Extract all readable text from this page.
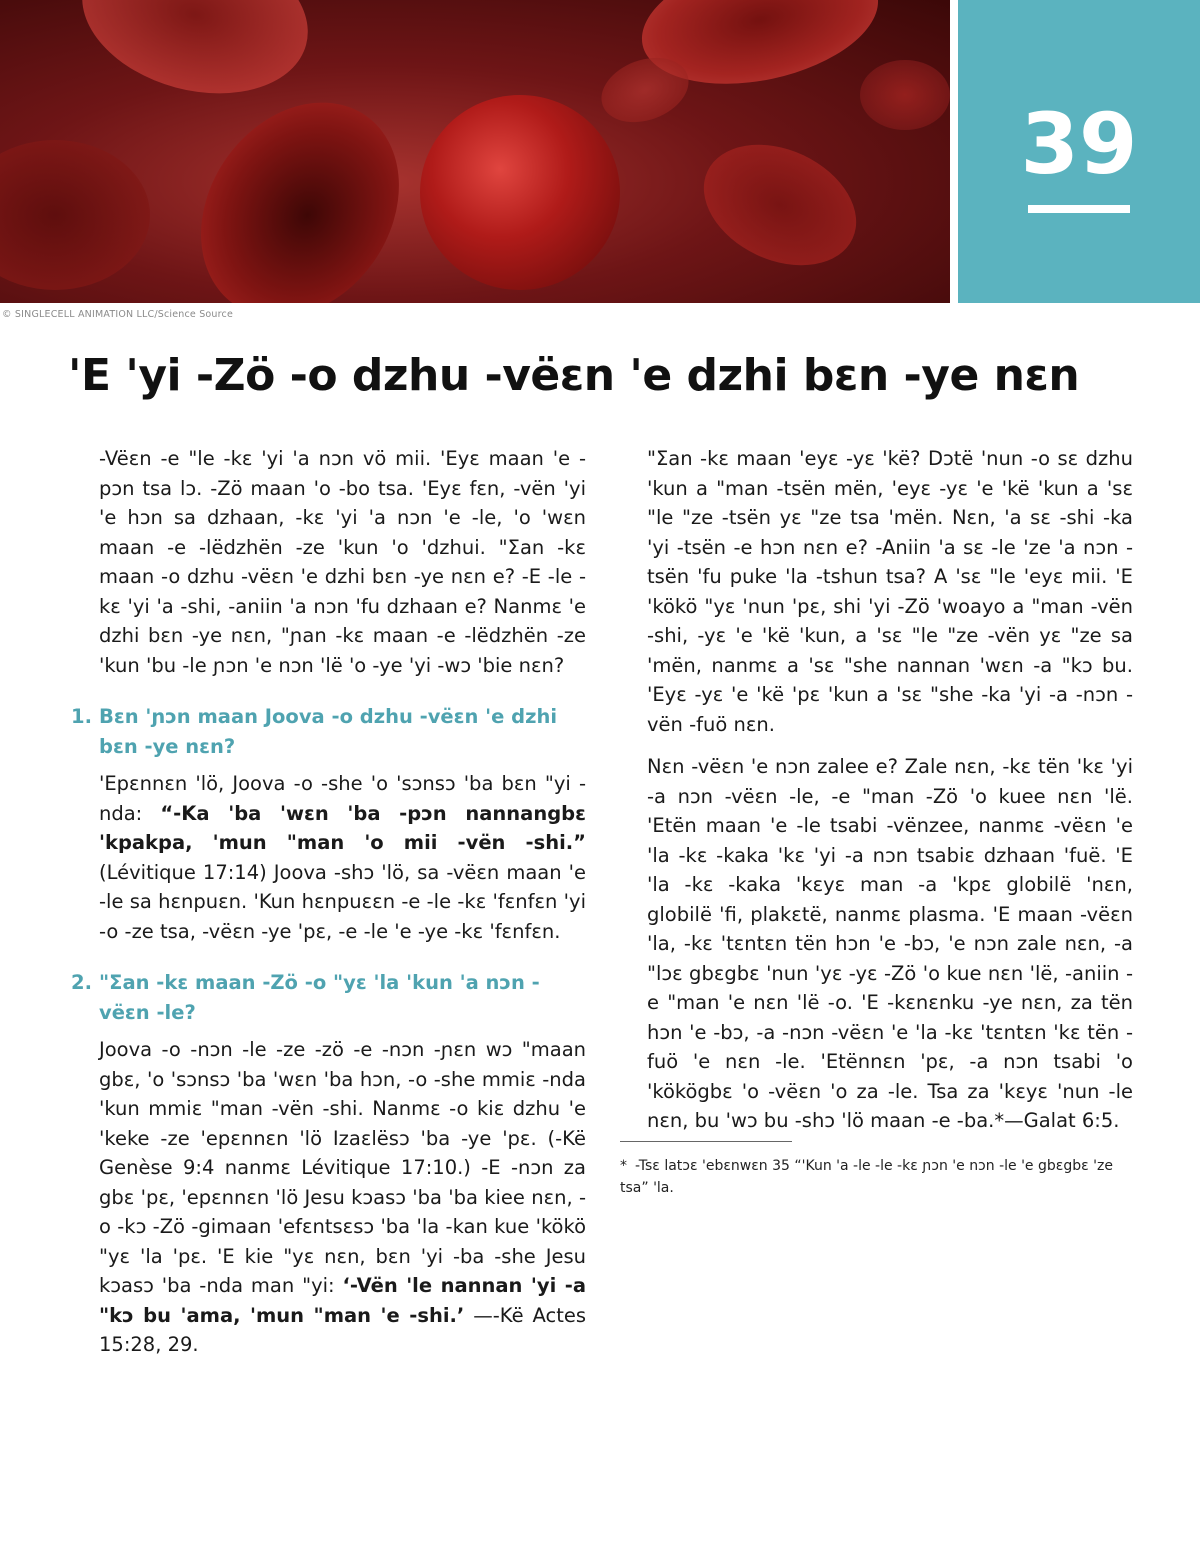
39
© SINGLECELL ANIMATION LLC/Science Source
'E 'yi -Zö -o dzhu -vëɛn 'e dzhi bɛn -ye nɛn

-Vëɛn -e "le -kɛ 'yi 'a nɔn vö mii. 'Eyɛ maan 'e -pɔn tsa lɔ. -Zö maan 'o -bo tsa. 'Eyɛ fɛn, -vën 'yi 'e hɔn sa dzhaan, -kɛ 'yi 'a nɔn 'e -le, 'o 'wɛn maan -e -lëdzhën -ze 'kun 'o 'dzhui. "Ʃan -kɛ maan -o dzhu -vëɛn 'e dzhi bɛn -ye nɛn e? -E -le -kɛ 'yi 'a -shi, -aniin 'a nɔn 'fu dzhaan e? Nanmɛ 'e dzhi bɛn -ye nɛn, "ɲan -kɛ maan -e -lëdzhën -ze 'kun 'bu -le ɲɔn 'e nɔn 'lë 'o -ye 'yi -wɔ 'bie nɛn?

1. Bɛn 'ɲɔn maan Joova -o dzhu -vëɛn 'e dzhi bɛn -ye nɛn?

'Epɛnnɛn 'lö, Joova -o -she 'o 'sɔnsɔ 'ba bɛn "yi -nda: “-Ka 'ba 'wɛn 'ba -pɔn nannangbɛ 'kpakpa, 'mun "man 'o mii -vën -shi.” (Lévitique 17:14) Joova -shɔ 'lö, sa -vëɛn maan 'e -le sa hɛnpuɛn. 'Kun hɛnpuɛɛn -e -le -kɛ 'fɛnfɛn 'yi -o -ze tsa, -vëɛn -ye 'pɛ, -e -le 'e -ye -kɛ 'fɛnfɛn.

2. "Ʃan -kɛ maan -Zö -o "yɛ 'la 'kun 'a nɔn -vëɛn -le?

Joova -o -nɔn -le -ze -zö -e -nɔn -ɲɛn wɔ "maan gbɛ, 'o 'sɔnsɔ 'ba 'wɛn 'ba hɔn, -o -she mmiɛ -nda 'kun mmiɛ "man -vën -shi. Nanmɛ -o kiɛ dzhu 'e 'keke -ze 'epɛnnɛn 'lö Izaɛlësɔ 'ba -ye 'pɛ. (-Kë Genèse 9:4 nanmɛ Lévitique 17:10.) -E -nɔn za gbɛ 'pɛ, 'epɛnnɛn 'lö Jesu kɔasɔ 'ba 'ba kiee nɛn, -o -kɔ -Zö -gimaan 'efɛntsɛsɔ 'ba 'la -kan kue 'kökö "yɛ 'la 'pɛ. 'E kie "yɛ nɛn, bɛn 'yi -ba -she Jesu kɔasɔ 'ba -nda man "yi: ‘-Vën 'le nannan 'yi -a "kɔ bu 'ama, 'mun "man 'e -shi.’ —-Kë Actes 15:28, 29.

"Ʃan -kɛ maan 'eyɛ -yɛ 'kë? Dɔtë 'nun -o sɛ dzhu 'kun a "man -tsën mën, 'eyɛ -yɛ 'e 'kë 'kun a 'sɛ "le "ze -tsën yɛ "ze tsa 'mën. Nɛn, 'a sɛ -shi -ka 'yi -tsën -e hɔn nɛn e? -Aniin 'a sɛ -le 'ze 'a nɔn -tsën 'fu puke 'la -tshun tsa? A 'sɛ "le 'eyɛ mii. 'E 'kökö "yɛ 'nun 'pɛ, shi 'yi -Zö 'woayo a "man -vën -shi, -yɛ 'e 'kë 'kun, a 'sɛ "le "ze -vën yɛ "ze sa 'mën, nanmɛ a 'sɛ "she nannan 'wɛn -a "kɔ bu. 'Eyɛ -yɛ 'e 'kë 'pɛ 'kun a 'sɛ "she -ka 'yi -a -nɔn -vën -fuö nɛn.

Nɛn -vëɛn 'e nɔn zalee e? Zale nɛn, -kɛ tën 'kɛ 'yi -a nɔn -vëɛn -le, -e "man -Zö 'o kuee nɛn 'lë. 'Etën maan 'e -le tsabi -vënzee, nanmɛ -vëɛn 'e 'la -kɛ -kaka 'kɛ 'yi -a nɔn tsabiɛ dzhaan 'fuë. 'E 'la -kɛ -kaka 'kɛyɛ man -a 'kpɛ globilë 'nɛn, globilë 'fi, plakɛtë, nanmɛ plasma. 'E maan -vëɛn 'la, -kɛ 'tɛntɛn tën hɔn 'e -bɔ, 'e nɔn zale nɛn, -a "lɔɛ gbɛgbɛ 'nun 'yɛ -yɛ -Zö 'o kue nɛn 'lë, -aniin -e "man 'e nɛn 'lë -o. 'E -kɛnɛnku -ye nɛn, za tën hɔn 'e -bɔ, -a -nɔn -vëɛn 'e 'la -kɛ 'tɛntɛn 'kɛ tën -fuö 'e nɛn -le. 'Etënnɛn 'pɛ, -a nɔn tsabi 'o 'kökögbɛ 'o -vëɛn 'o za -le. Tsa za 'kɛyɛ 'nun -le nɛn, bu 'wɔ bu -shɔ 'lö maan -e -ba.*—Galat 6:5.

* -Tsɛ latɔɛ 'ebɛnwɛn 35 “'Kun 'a -le -le -kɛ ɲɔn 'e nɔn -le 'e gbɛgbɛ 'ze tsa” 'la.
